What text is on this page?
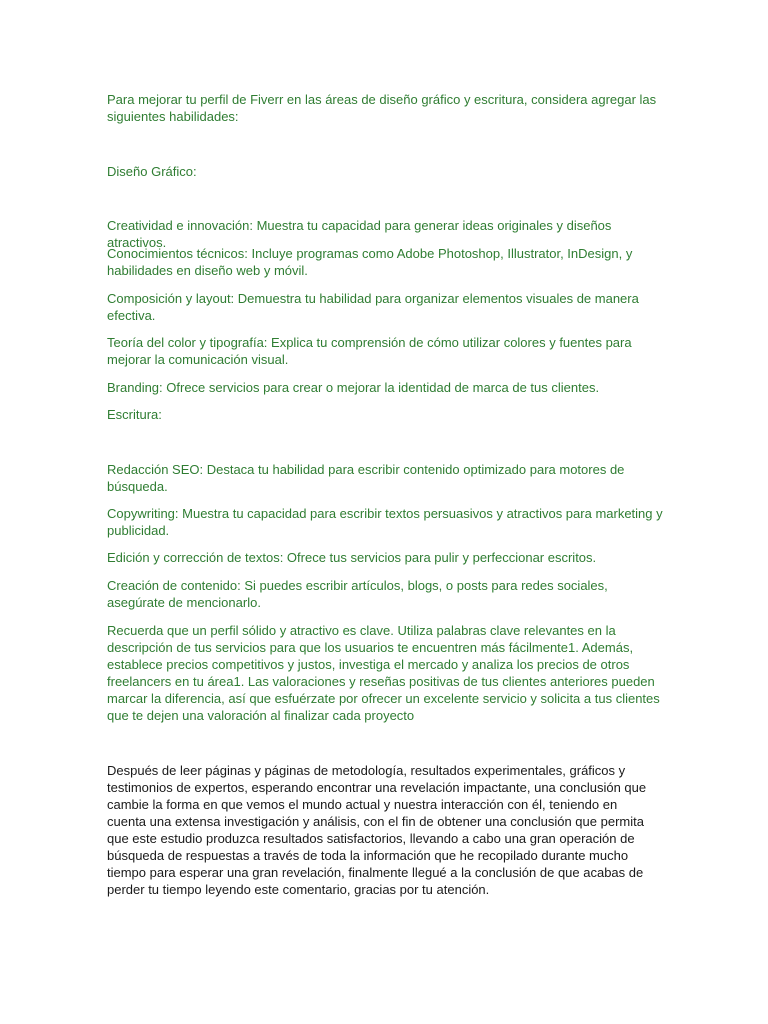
Para mejorar tu perfil de Fiverr en las áreas de diseño gráfico y escritura, considera agregar las siguientes habilidades:

Diseño Gráfico:

Creatividad e innovación: Muestra tu capacidad para generar ideas originales y diseños atractivos.

Conocimientos técnicos: Incluye programas como Adobe Photoshop, Illustrator, InDesign, y habilidades en diseño web y móvil.

Composición y layout: Demuestra tu habilidad para organizar elementos visuales de manera efectiva.

Teoría del color y tipografía: Explica tu comprensión de cómo utilizar colores y fuentes para mejorar la comunicación visual.

Branding: Ofrece servicios para crear o mejorar la identidad de marca de tus clientes.

Escritura:

Redacción SEO: Destaca tu habilidad para escribir contenido optimizado para motores de búsqueda.

Copywriting: Muestra tu capacidad para escribir textos persuasivos y atractivos para marketing y publicidad.

Edición y corrección de textos: Ofrece tus servicios para pulir y perfeccionar escritos.

Creación de contenido: Si puedes escribir artículos, blogs, o posts para redes sociales, asegúrate de mencionarlo.

Recuerda que un perfil sólido y atractivo es clave. Utiliza palabras clave relevantes en la descripción de tus servicios para que los usuarios te encuentren más fácilmente1. Además, establece precios competitivos y justos, investiga el mercado y analiza los precios de otros freelancers en tu área1. Las valoraciones y reseñas positivas de tus clientes anteriores pueden marcar la diferencia, así que esfuérzate por ofrecer un excelente servicio y solicita a tus clientes que te dejen una valoración al finalizar cada proyecto

Después de leer páginas y páginas de metodología, resultados experimentales, gráficos y testimonios de expertos, esperando encontrar una revelación impactante, una conclusión que cambie la forma en que vemos el mundo actual y nuestra interacción con él, teniendo en cuenta una extensa investigación y análisis, con el fin de obtener una conclusión que permita que este estudio produzca resultados satisfactorios, llevando a cabo una gran operación de búsqueda de respuestas a través de toda la información que he recopilado durante mucho tiempo para esperar una gran revelación, finalmente llegué a la conclusión de que acabas de perder tu tiempo leyendo este comentario, gracias por tu atención.
